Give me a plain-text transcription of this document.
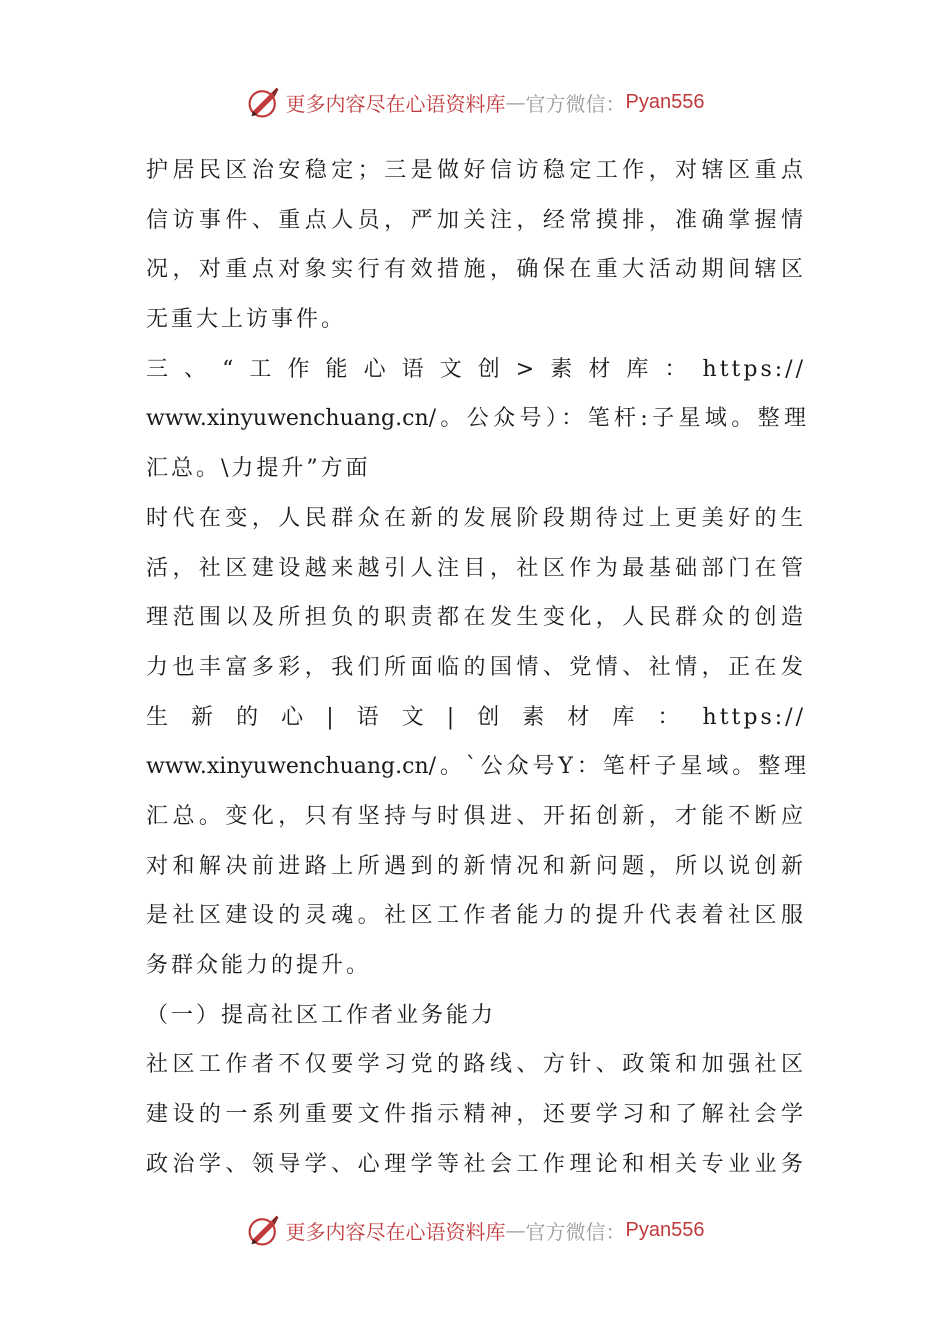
更多内容尽在心语资料库 — 官方微信： Pyan556
护居民区治安稳定；三是做好信访稳定工作，对辖区重点
信访事件、重点人员，严加关注，经常摸排，准确掌握情
况，对重点对象实行有效措施，确保在重大活动期间辖区
无重大上访事件。
三、“工作能心语文创>素材库：https://
www.xinyuwenchuang.cn/。公众号）：笔杆:子星域。整理
汇总。\力提升”方面
时代在变，人民群众在新的发展阶段期待过上更美好的生
活，社区建设越来越引人注目，社区作为最基础部门在管
理范围以及所担负的职责都在发生变化，人民群众的创造
力也丰富多彩，我们所面临的国情、党情、社情，正在发
生新的心|语文|创素材库：https://
www.xinyuwenchuang.cn/。`公众号Y：笔杆子星域。整理
汇总。变化，只有坚持与时俱进、开拓创新，才能不断应
对和解决前进路上所遇到的新情况和新问题，所以说创新
是社区建设的灵魂。社区工作者能力的提升代表着社区服
务群众能力的提升。
（一）提高社区工作者业务能力
社区工作者不仅要学习党的路线、方针、政策和加强社区
建设的一系列重要文件指示精神，还要学习和了解社会学
政治学、领导学、心理学等社会工作理论和相关专业业务
更多内容尽在心语资料库 — 官方微信： Pyan556
